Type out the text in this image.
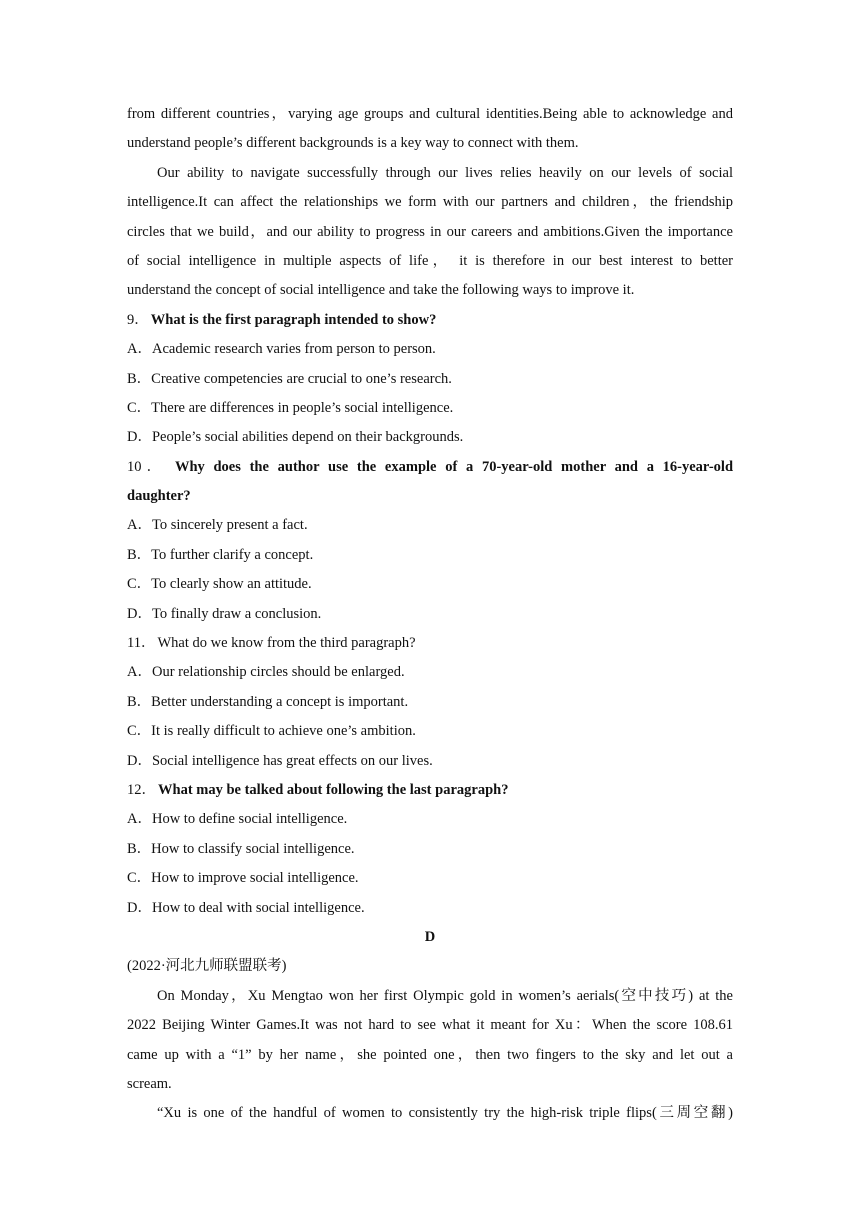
from different countries，varying age groups and cultural identities.Being able to acknowledge and
understand people’s different backgrounds is a key way to connect with them.
Our ability to navigate successfully through our lives relies heavily on our levels of social
intelligence.It can affect the relationships we form with our partners and children，the friendship
circles that we build，and our ability to progress in our careers and ambitions.Given the importance
of social intelligence in multiple aspects of life， it is therefore in our best interest to better
understand the concept of social intelligence and take the following ways to improve it.
9． What is the first paragraph intended to show?
A．Academic research varies from person to person.
B．Creative competencies are crucial to one’s research.
C．There are differences in people’s social intelligence.
D．People’s social abilities depend on their backgrounds.
10． Why does the author use the example of a 70-year-old mother and a 16-year-old
daughter?
A．To sincerely present a fact.
B．To further clarify a concept.
C．To clearly show an attitude.
D．To finally draw a conclusion.
11． What do we know from the third paragraph?
A．Our relationship circles should be enlarged.
B．Better understanding a concept is important.
C．It is really difficult to achieve one’s ambition.
D．Social intelligence has great effects on our lives.
12． What may be talked about following the last paragraph?
A．How to define social intelligence.
B．How to classify social intelligence.
C．How to improve social intelligence.
D．How to deal with social intelligence.
D
(2022·河北九师联盟联考)
On Monday，Xu Mengtao won her first Olympic gold in women’s aerials(空中技巧) at the
2022 Beijing Winter Games.It was not hard to see what it meant for Xu：When the score 108.61
came up with a “1” by her name，she pointed one，then two fingers to the sky and let out a
scream.
“Xu is one of the handful of women to consistently try the high-risk triple flips(三周空翻)
